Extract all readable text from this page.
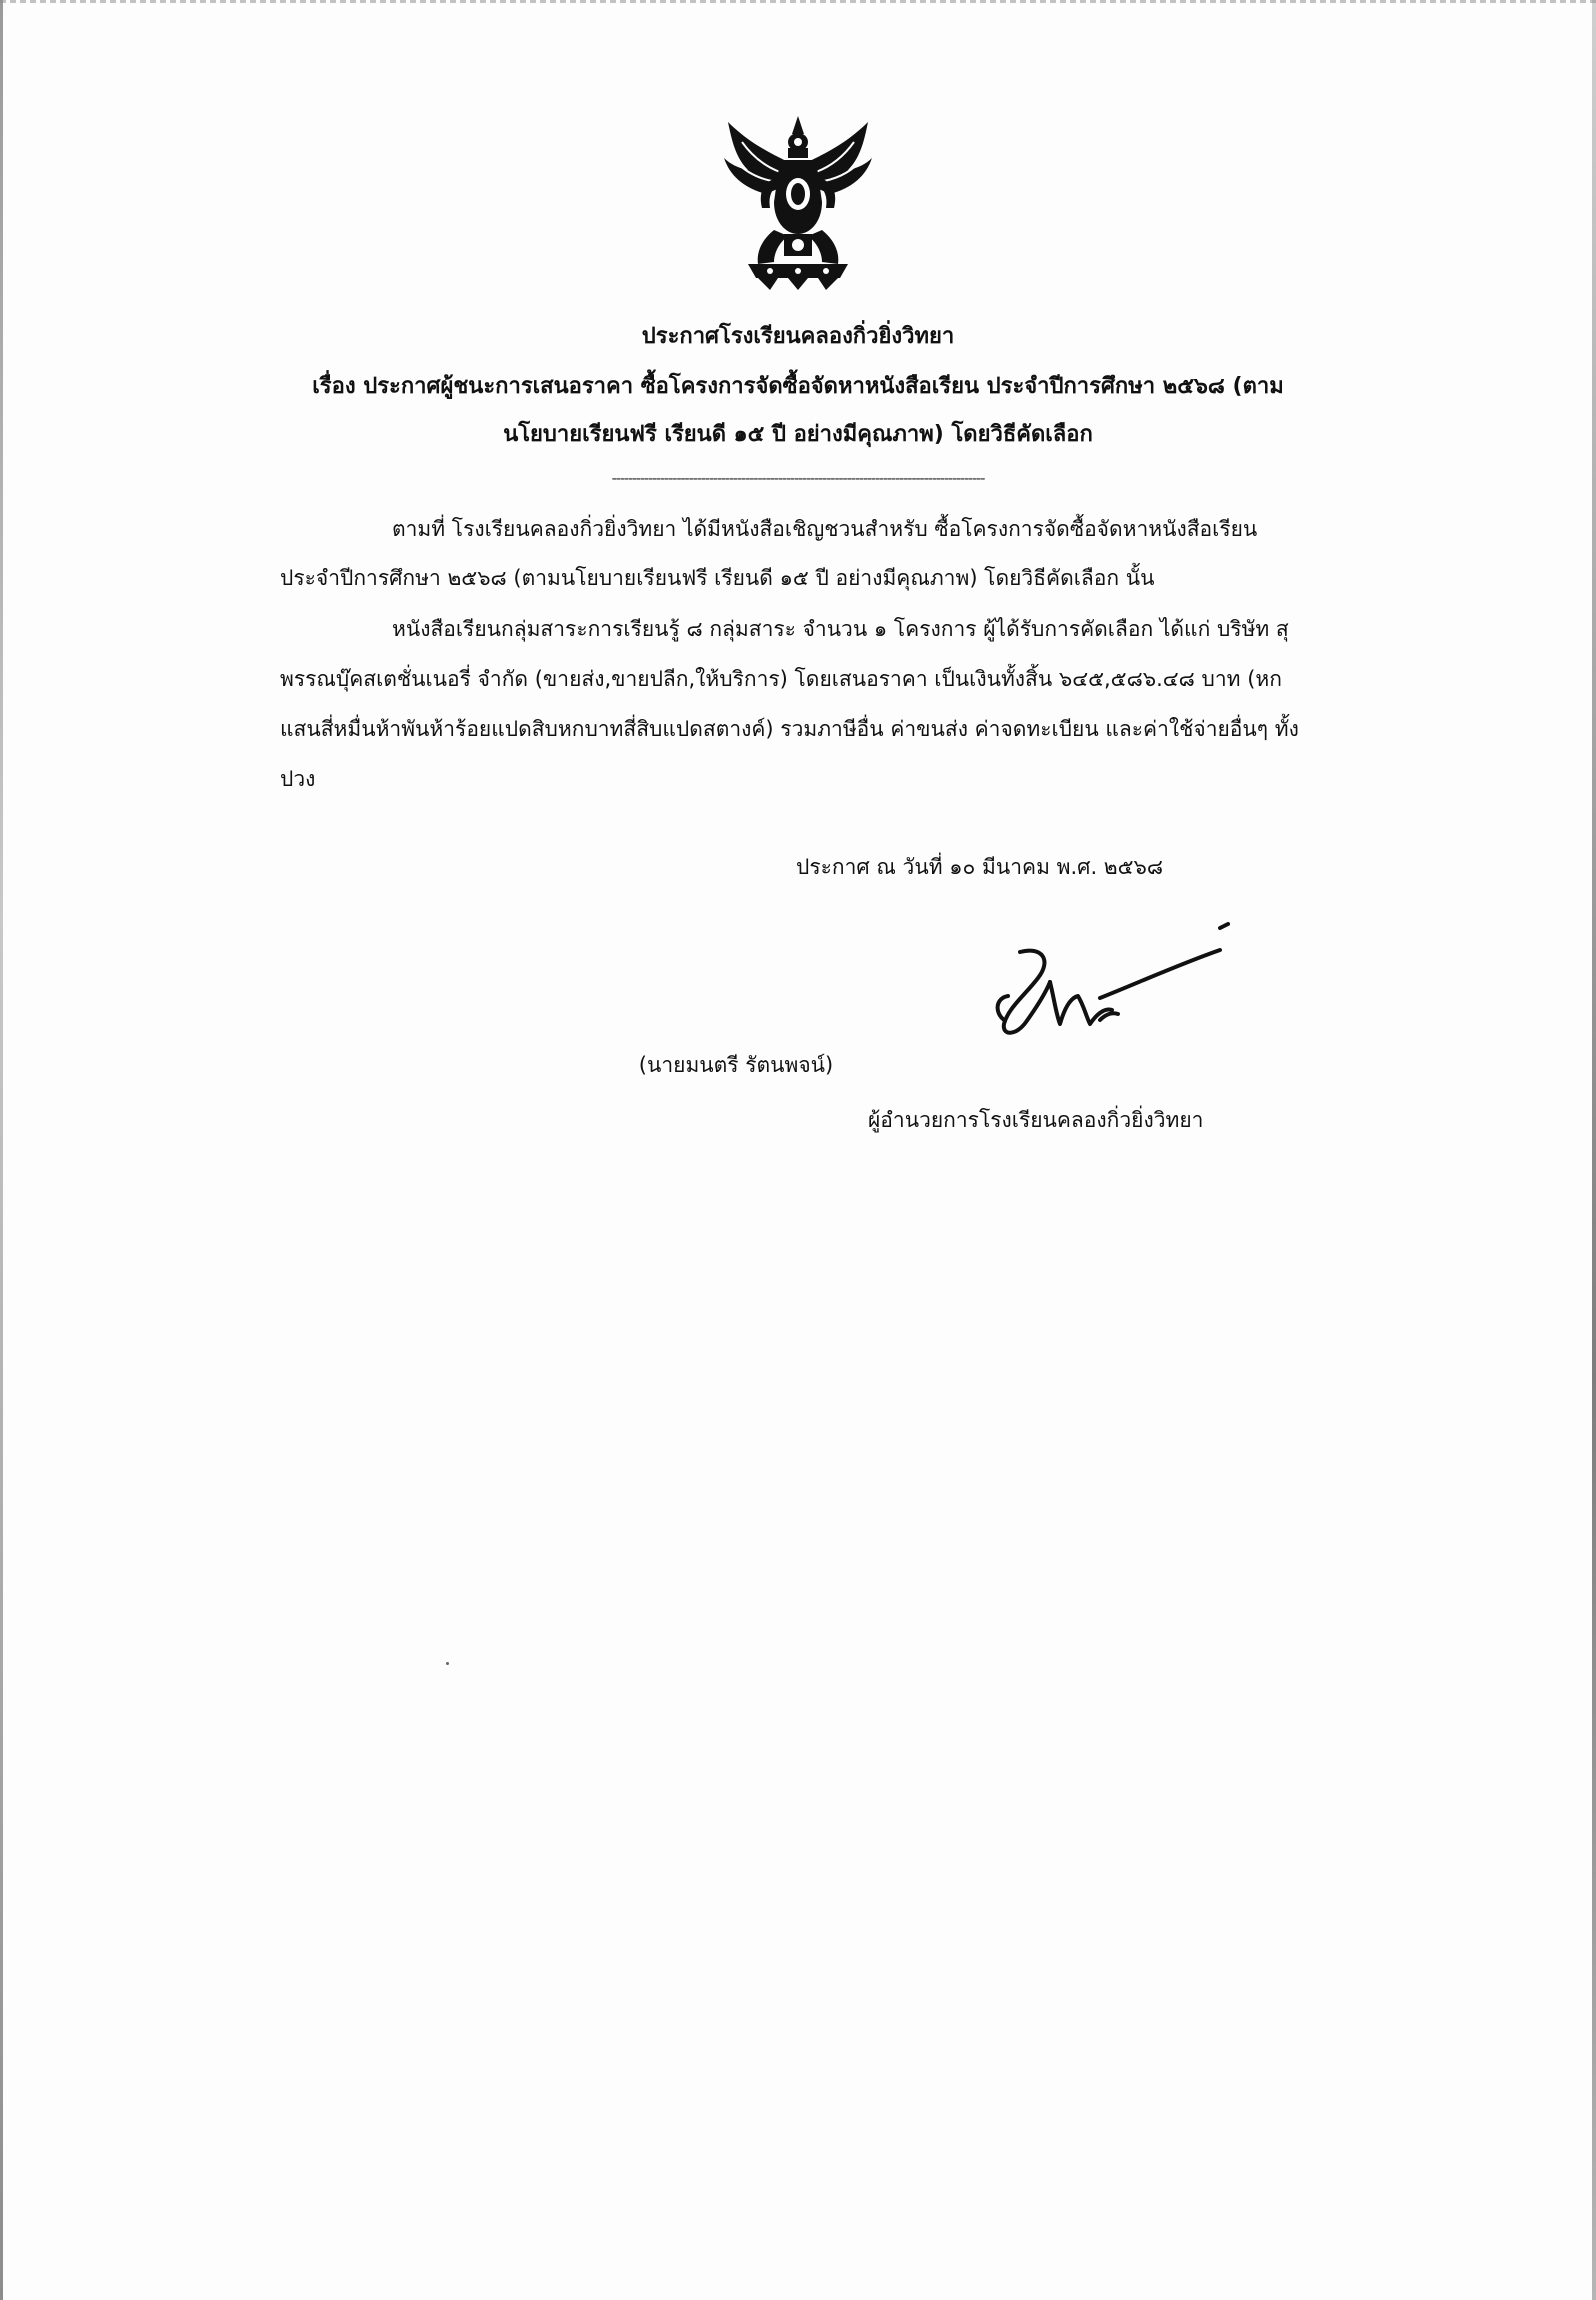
ประกาศโรงเรียนคลองกิ่วยิ่งวิทยา
เรื่อง ประกาศผู้ชนะการเสนอราคา ซื้อโครงการจัดซื้อจัดหาหนังสือเรียน ประจำปีการศึกษา ๒๕๖๘ (ตาม
นโยบายเรียนฟรี เรียนดี ๑๕ ปี อย่างมีคุณภาพ) โดยวิธีคัดเลือก
--------------------------------------------------------------------------------------------
ตามที่ โรงเรียนคลองกิ่วยิ่งวิทยา ได้มีหนังสือเชิญชวนสำหรับ ซื้อโครงการจัดซื้อจัดหาหนังสือเรียน
ประจำปีการศึกษา ๒๕๖๘ (ตามนโยบายเรียนฟรี เรียนดี ๑๕ ปี อย่างมีคุณภาพ) โดยวิธีคัดเลือก นั้น
หนังสือเรียนกลุ่มสาระการเรียนรู้ ๘ กลุ่มสาระ จำนวน ๑ โครงการ ผู้ได้รับการคัดเลือก ได้แก่ บริษัท สุ
พรรณบุ๊คสเตชั่นเนอรี่ จำกัด (ขายส่ง,ขายปลีก,ให้บริการ) โดยเสนอราคา เป็นเงินทั้งสิ้น ๖๔๕,๕๘๖.๔๘ บาท (หก
แสนสี่หมื่นห้าพันห้าร้อยแปดสิบหกบาทสี่สิบแปดสตางค์) รวมภาษีอื่น ค่าขนส่ง ค่าจดทะเบียน และค่าใช้จ่ายอื่นๆ ทั้ง
ปวง
ประกาศ ณ วันที่ ๑๐ มีนาคม พ.ศ. ๒๕๖๘
(นายมนตรี รัตนพจน์)
ผู้อำนวยการโรงเรียนคลองกิ่วยิ่งวิทยา
